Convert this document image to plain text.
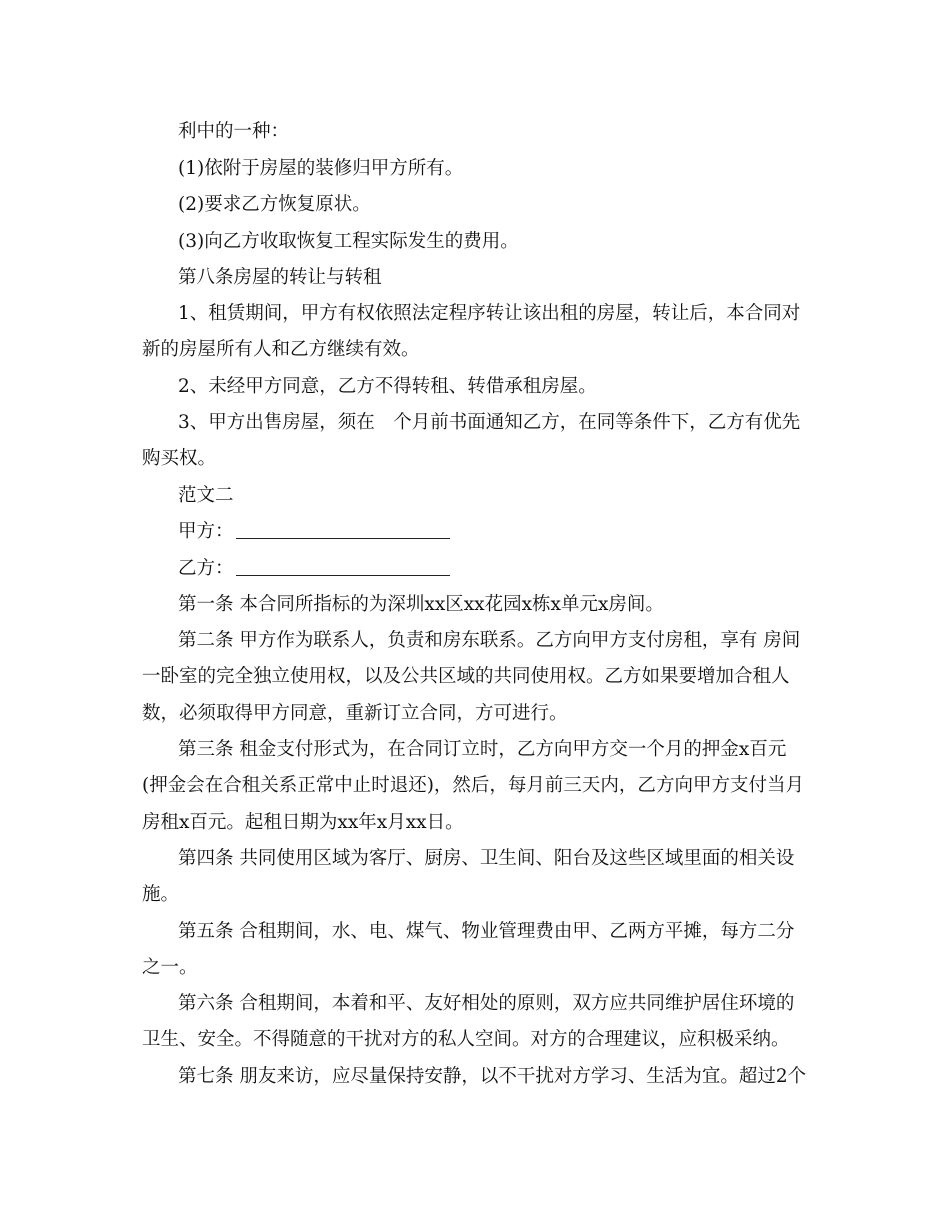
利中的一种：
(1)依附于房屋的装修归甲方所有。
(2)要求乙方恢复原状。
(3)向乙方收取恢复工程实际发生的费用。
第八条房屋的转让与转租
1、租赁期间，甲方有权依照法定程序转让该出租的房屋，转让后，本合同对
新的房屋所有人和乙方继续有效。
2、未经甲方同意，乙方不得转租、转借承租房屋。
3、甲方出售房屋，须在　个月前书面通知乙方，在同等条件下，乙方有优先
购买权。
范文二
甲方：
乙方：
第一条 本合同所指标的为深圳xx区xx花园x栋x单元x房间。
第二条 甲方作为联系人，负责和房东联系。乙方向甲方支付房租，享有 房间
一卧室的完全独立使用权，以及公共区域的共同使用权。乙方如果要增加合租人
数，必须取得甲方同意，重新订立合同，方可进行。
第三条 租金支付形式为，在合同订立时，乙方向甲方交一个月的押金x百元
(押金会在合租关系正常中止时退还)，然后，每月前三天内，乙方向甲方支付当月
房租x百元。起租日期为xx年x月xx日。
第四条 共同使用区域为客厅、厨房、卫生间、阳台及这些区域里面的相关设
施。
第五条 合租期间，水、电、煤气、物业管理费由甲、乙两方平摊，每方二分
之一。
第六条 合租期间，本着和平、友好相处的原则，双方应共同维护居住环境的
卫生、安全。不得随意的干扰对方的私人空间。对方的合理建议，应积极采纳。
第七条 朋友来访，应尽量保持安静，以不干扰对方学习、生活为宜。超过2个
